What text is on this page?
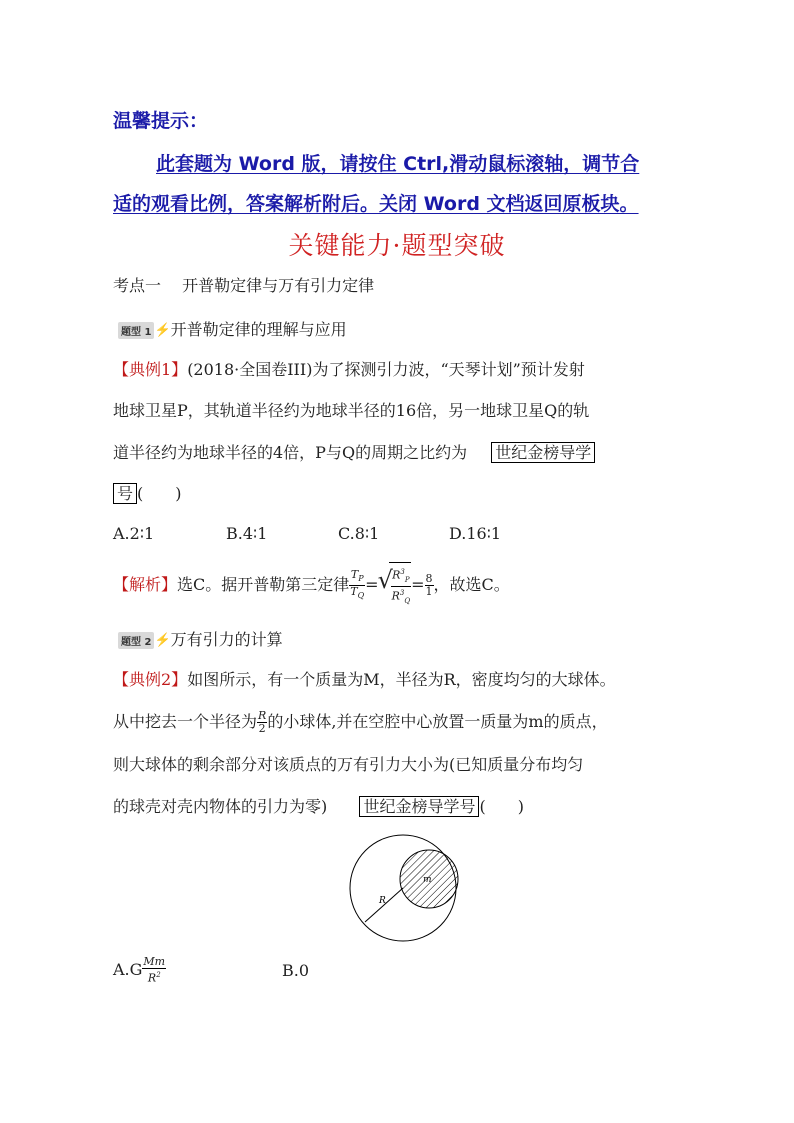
温馨提示：
此套题为 Word 版，请按住 Ctrl,滑动鼠标滚轴，调节合
适的观看比例，答案解析附后。关闭 Word 文档返回原板块。
关键能力·题型突破
考点一　 开普勒定律与万有引力定律
题型 1 ⚡开普勒定律的理解与应用
【典例1】(2018·全国卷III)为了探测引力波，“天琴计划”预计发射
地球卫星P，其轨道半径约为地球半径的16倍，另一地球卫星Q的轨
道半径约为地球半径的4倍，P与Q的周期之比约为 世纪金榜导学
号 (　　)
A.2∶1	B.4∶1	C.8∶1	D.16∶1
【解析】选C。据开普勒第三定律 $\frac{T_P}{T_Q}$ =
√ $\frac{R^3_P}{R^3_Q} = \frac{8}{1}$ ，故选C。
题型 2 ⚡万有引力的计算
【典例2】如图所示，有一个质量为M，半径为R，密度均匀的大球体。
从中挖去一个半径为 $\frac{R}{2}$ 的小球体,并在空腔中心放置一质量为m的质点，
则大球体的剩余部分对该质点的万有引力大小为(已知质量分布均匀
的球壳对壳内物体的引力为零) 世纪金榜导学号 (　　)
m
R
$A.G \frac{Mm}{R^2}$	B.0
